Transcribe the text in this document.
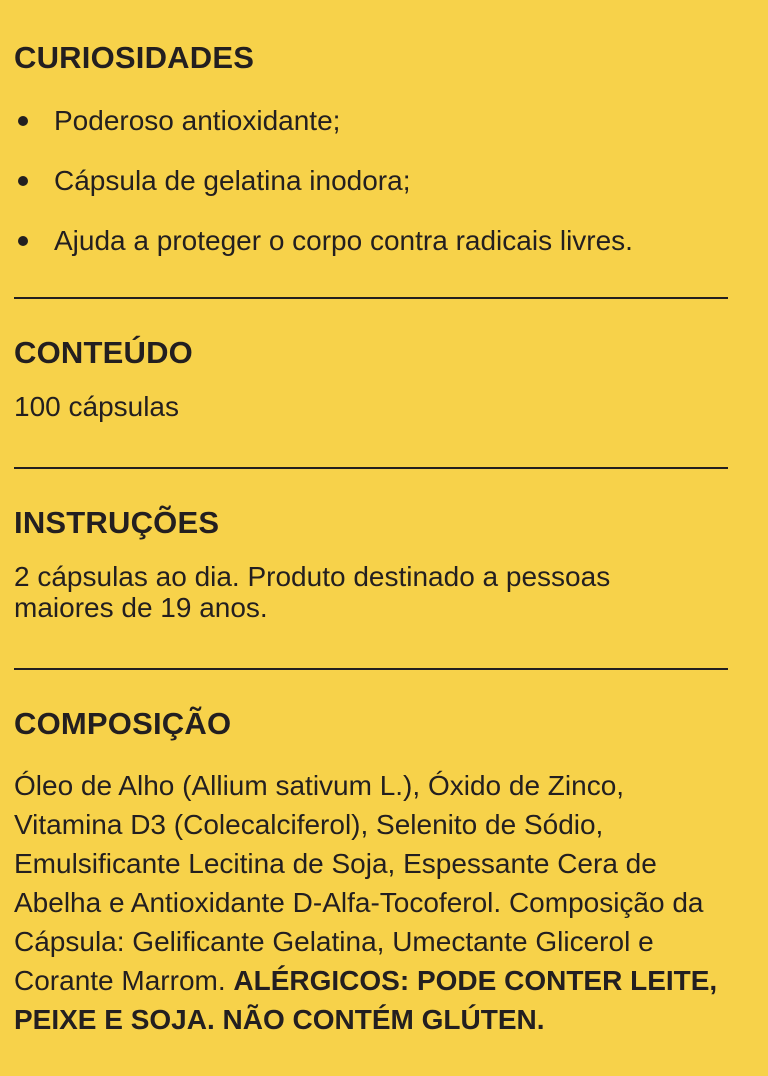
CURIOSIDADES
Poderoso antioxidante;
Cápsula de gelatina inodora;
Ajuda a proteger o corpo contra radicais livres.
CONTEÚDO

100 cápsulas

INSTRUÇÕES

2 cápsulas ao dia. Produto destinado a pessoas
maiores de 19 anos.

COMPOSIÇÃO

Óleo de Alho (Allium sativum L.), Óxido de Zinco, Vitamina D3 (Colecalciferol), Selenito de Sódio, Emulsificante Lecitina de Soja, Espessante Cera de Abelha e Antioxidante D-Alfa-Tocoferol. Composição da Cápsula: Gelificante Gelatina, Umectante Glicerol e Corante Marrom. ALÉRGICOS: PODE CONTER LEITE, PEIXE E SOJA. NÃO CONTÉM GLÚTEN.
